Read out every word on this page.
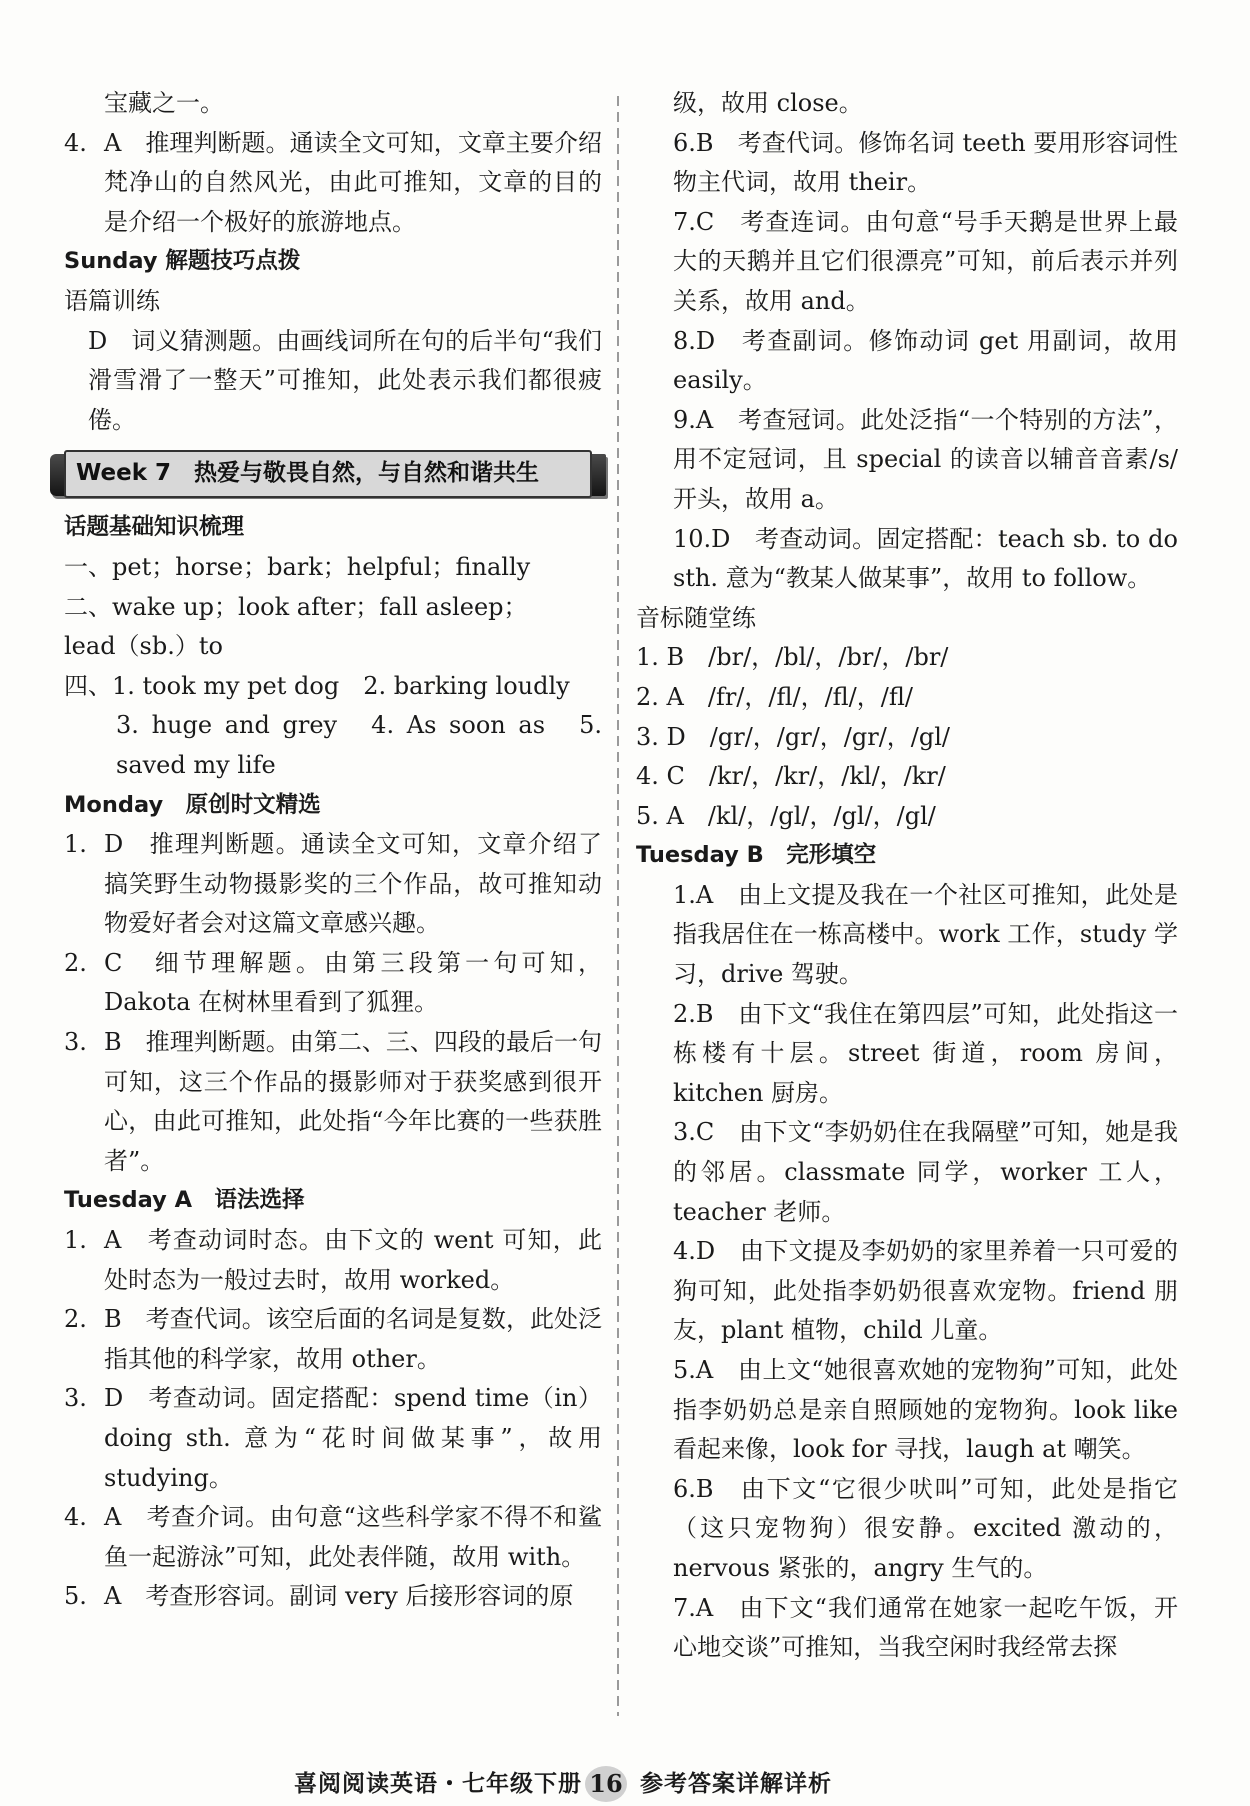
宝藏之一。
4. A　推理判断题。通读全文可知，文章主要介绍梵净山的自然风光，由此可推知，文章的目的是介绍一个极好的旅游地点。
Sunday 解题技巧点拨
语篇训练
D　词义猜测题。由画线词所在句的后半句“我们滑雪滑了一整天”可推知，此处表示我们都很疲倦。
Week 7　热爱与敬畏自然，与自然和谐共生
话题基础知识梳理
一、pet；horse；bark；helpful；finally
二、wake up；look after；fall asleep；
lead（sb.）to
四、1. took my pet dog　2. barking loudly
3. huge and grey　4. As soon as　5. saved my life
Monday　原创时文精选
1. D　推理判断题。通读全文可知，文章介绍了搞笑野生动物摄影奖的三个作品，故可推知动物爱好者会对这篇文章感兴趣。
2. C　细节理解题。由第三段第一句可知，Dakota 在树林里看到了狐狸。
3. B　推理判断题。由第二、三、四段的最后一句可知，这三个作品的摄影师对于获奖感到很开心，由此可推知，此处指“今年比赛的一些获胜者”。
Tuesday A　语法选择
1. A　考查动词时态。由下文的 went 可知，此处时态为一般过去时，故用 worked。
2. B　考查代词。该空后面的名词是复数，此处泛指其他的科学家，故用 other。
3. D　考查动词。固定搭配：spend time（in）doing sth. 意为“花时间做某事”，故用 studying。
4. A　考查介词。由句意“这些科学家不得不和鲨鱼一起游泳”可知，此处表伴随，故用 with。
5. A　考查形容词。副词 very 后接形容词的原
级，故用 close。
6.B　考查代词。修饰名词 teeth 要用形容词性物主代词，故用 their。
7.C　考查连词。由句意“号手天鹅是世界上最大的天鹅并且它们很漂亮”可知，前后表示并列关系，故用 and。
8.D　考查副词。修饰动词 get 用副词，故用 easily。
9.A　考查冠词。此处泛指“一个特别的方法”，用不定冠词，且 special 的读音以辅音音素/s/开头，故用 a。
10.D　考查动词。固定搭配：teach sb. to do sth. 意为“教某人做某事”，故用 to follow。
音标随堂练
1. B　/br/，/bl/，/br/，/br/
2. A　/fr/，/fl/，/fl/，/fl/
3. D　/gr/，/gr/，/gr/，/gl/
4. C　/kr/，/kr/，/kl/，/kr/
5. A　/kl/，/gl/，/gl/，/gl/
Tuesday B　完形填空
1.A　由上文提及我在一个社区可推知，此处是指我居住在一栋高楼中。work 工作，study 学习，drive 驾驶。
2.B　由下文“我住在第四层”可知，此处指这一栋楼有十层。street 街道，room 房间，kitchen 厨房。
3.C　由下文“李奶奶住在我隔壁”可知，她是我的邻居。classmate 同学，worker 工人，teacher 老师。
4.D　由下文提及李奶奶的家里养着一只可爱的狗可知，此处指李奶奶很喜欢宠物。friend 朋友，plant 植物，child 儿童。
5.A　由上文“她很喜欢她的宠物狗”可知，此处指李奶奶总是亲自照顾她的宠物狗。look like 看起来像，look for 寻找，laugh at 嘲笑。
6.B　由下文“它很少吠叫”可知，此处是指它（这只宠物狗）很安静。excited 激动的，nervous 紧张的，angry 生气的。
7.A　由下文“我们通常在她家一起吃午饭，开心地交谈”可推知，当我空闲时我经常去探
喜阅阅读英语・七年级下册 16 参考答案详解详析
